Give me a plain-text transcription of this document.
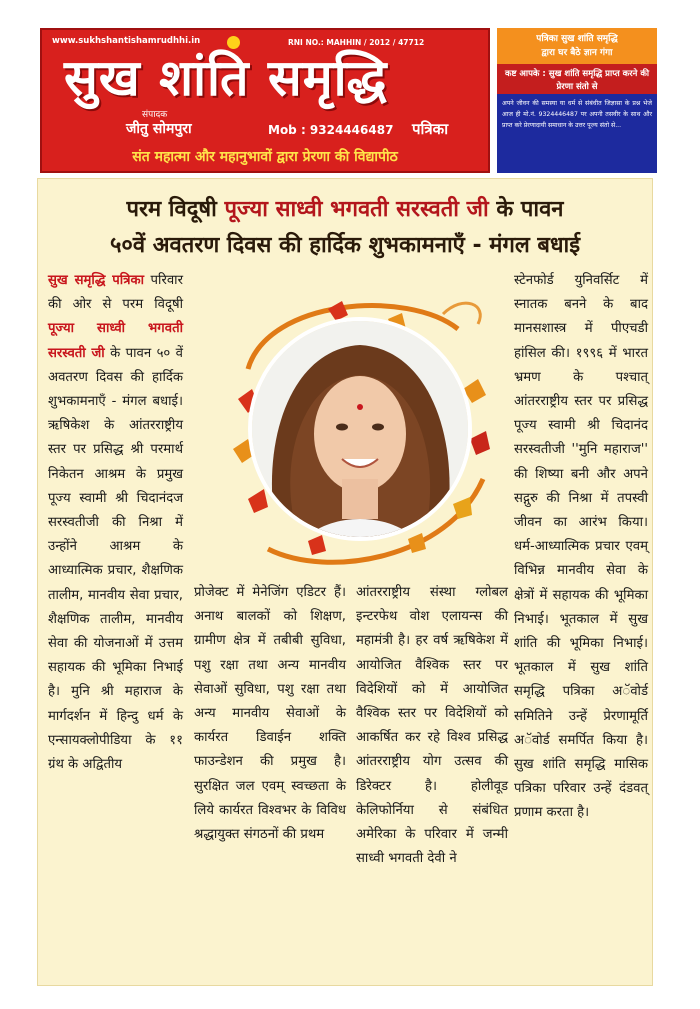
www.sukhshantishamrudhhi.in	RNI NO.: MAHHIN / 2012 / 47712
सुख शांति समृद्धि
संपादक
जीतु सोमपुरा	Mob : 9324446487 पत्रिका
संत महात्मा और महानुभावों द्वारा प्रेरणा की विद्यापीठ
पत्रिका सुख शांति समृद्धि
द्वारा घर बैठे ज्ञान गंगा
कष्ट आपके : सुख शांति समृद्धि प्राप्त करने की प्रेरणा संतो से
अपने जीवन की समस्या या धर्म से संबंधीत जिज्ञासा के प्रश्न भेजे आज ही मो.नं. 9324446487 पर अपनी तसवीर के साथ और प्राप्त करे प्रेरणादायी समाधान के उत्तर पूज्य संतो से...
परम विदूषी पूज्या साध्वी भगवती सरस्वती जी के पावन
५०वें अवतरण दिवस की हार्दिक शुभकामनाएँ - मंगल बधाई
सुख समृद्धि पत्रिका परिवार की ओर से परम विदूषी पूज्या साध्वी भगवती सरस्वती जी के पावन ५० वें अवतरण दिवस की हार्दिक शुभकामनाएँ - मंगल बधाई। ऋषिकेश के आंतरराष्ट्रीय स्तर पर प्रसिद्ध श्री परमार्थ निकेतन आश्रम के प्रमुख पूज्य स्वामी श्री चिदानंदज सरस्वतीजी की निश्रा में उन्होंने आश्रम के आध्यात्मिक प्रचार, शैक्षणिक तालीम, मानवीय सेवा प्रचार, शैक्षणिक तालीम, मानवीय सेवा की योजनाओं में उत्तम सहायक की भूमिका निभाई है। मुनि श्री महाराज के मार्गदर्शन में हिन्दु धर्म के एन्सायक्लोपीडिया के ११ ग्रंथ के अद्वितीय
प्रोजेक्ट में मेनेजिंग एडिटर हैं। अनाथ बालकों को शिक्षण, ग्रामीण क्षेत्र में तबीबी सुविधा, पशु रक्षा तथा अन्य मानवीय सेवाओं सुविधा, पशु रक्षा तथा अन्य मानवीय सेवाओं के कार्यरत डिवाईन शक्ति फाउन्डेशन की प्रमुख है। सुरक्षित जल एवम् स्वच्छता के लिये कार्यरत विश्वभर के विविध श्रद्धायुक्त संगठनों की प्रथम
आंतरराष्ट्रीय संस्था ग्लोबल इन्टरफेथ वोश एलायन्स की महामंत्री है। हर वर्ष ऋषिकेश में आयोजित वैश्विक स्तर पर विदेशियों को में आयोजित वैश्विक स्तर पर विदेशियों को आकर्षित कर रहे विश्व प्रसिद्ध आंतरराष्ट्रीय योग उत्सव की डिरेक्टर है। होलीवूड केलिफोर्निया से संबंधित अमेरिका के परिवार में जन्मी साध्वी भगवती देवी ने
स्टेनफोर्ड युनिवर्सिट में स्नातक बनने के बाद मानसशास्त्र में पीएचडी हांसिल की। १९९६ में भारत भ्रमण के पश्चात् आंतरराष्ट्रीय स्तर पर प्रसिद्ध पूज्य स्वामी श्री चिदानंद सरस्वतीजी ''मुनि महाराज'' की शिष्या बनी और अपने सद्गुरु की निश्रा में तपस्वी जीवन का आरंभ किया। धर्म-आध्यात्मिक प्रचार एवम् विभिन्न मानवीय सेवा के क्षेत्रों में सहायक की भूमिका निभाई। भूतकाल में सुख शांति की भूमिका निभाई। भूतकाल में सुख शांति समृद्धि पत्रिका अॅवोर्ड समितिने उन्हें प्रेरणामूर्ति अॅवोर्ड समर्पित किया है। सुख शांति समृद्धि मासिक पत्रिका परिवार उन्हें दंडवत् प्रणाम करता है।
